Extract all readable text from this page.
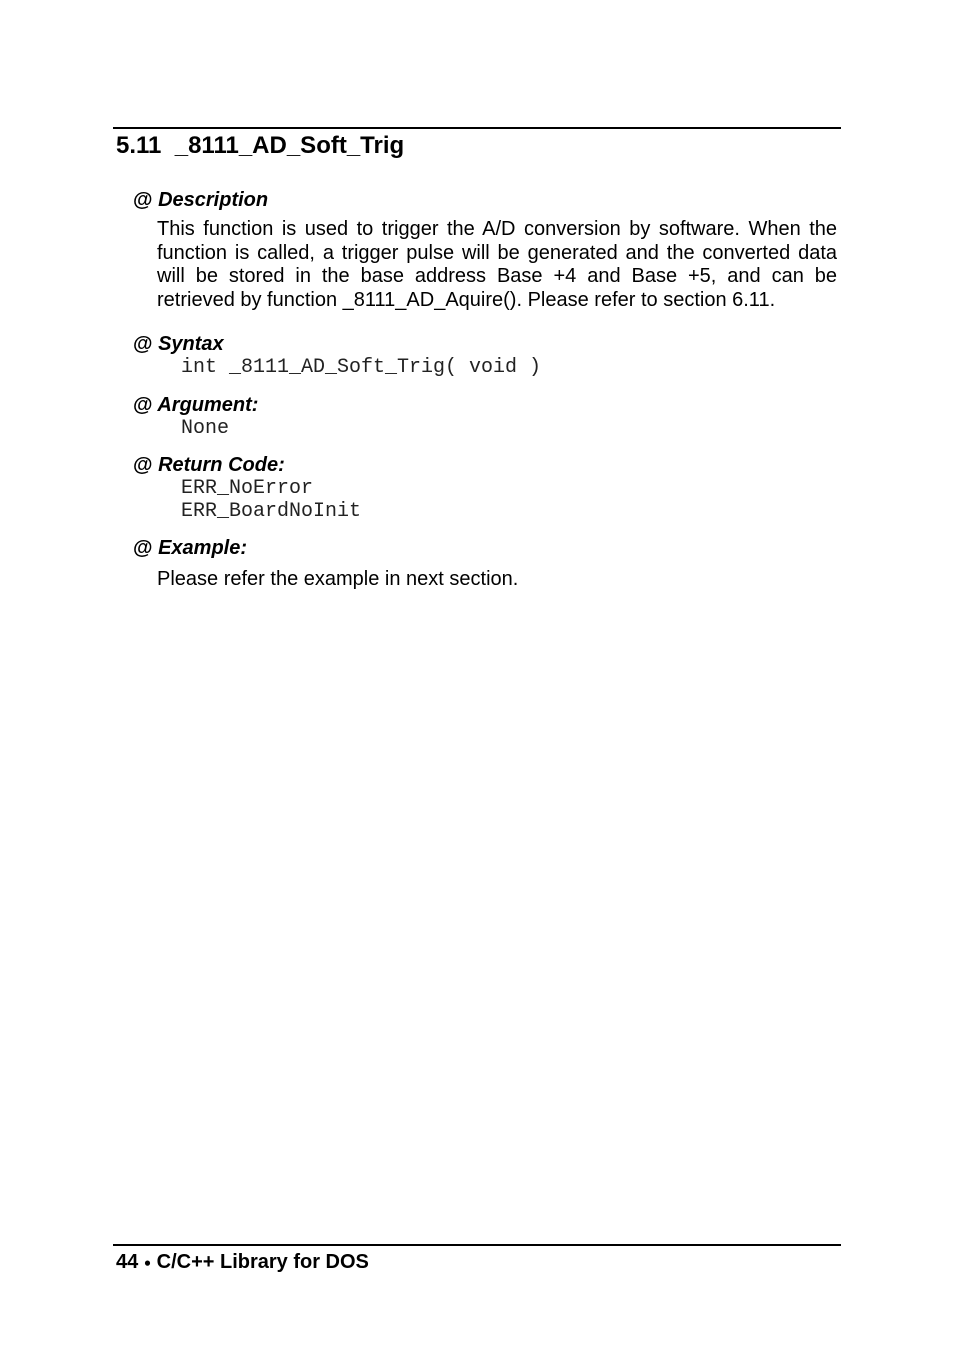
5.11 _8111_AD_Soft_Trig
@ Description
This function is used to trigger the A/D conversion by software. When the function is called, a trigger pulse will be generated and the converted data will be stored in the base address Base +4 and Base +5, and can be retrieved by function _8111_AD_Aquire(). Please refer to section 6.11.
@ Syntax
int _8111_AD_Soft_Trig( void )
@ Argument:
None
@ Return Code:
ERR_NoError
ERR_BoardNoInit
@ Example:
Please refer the example in next section.
44 ● C/C++ Library for DOS
